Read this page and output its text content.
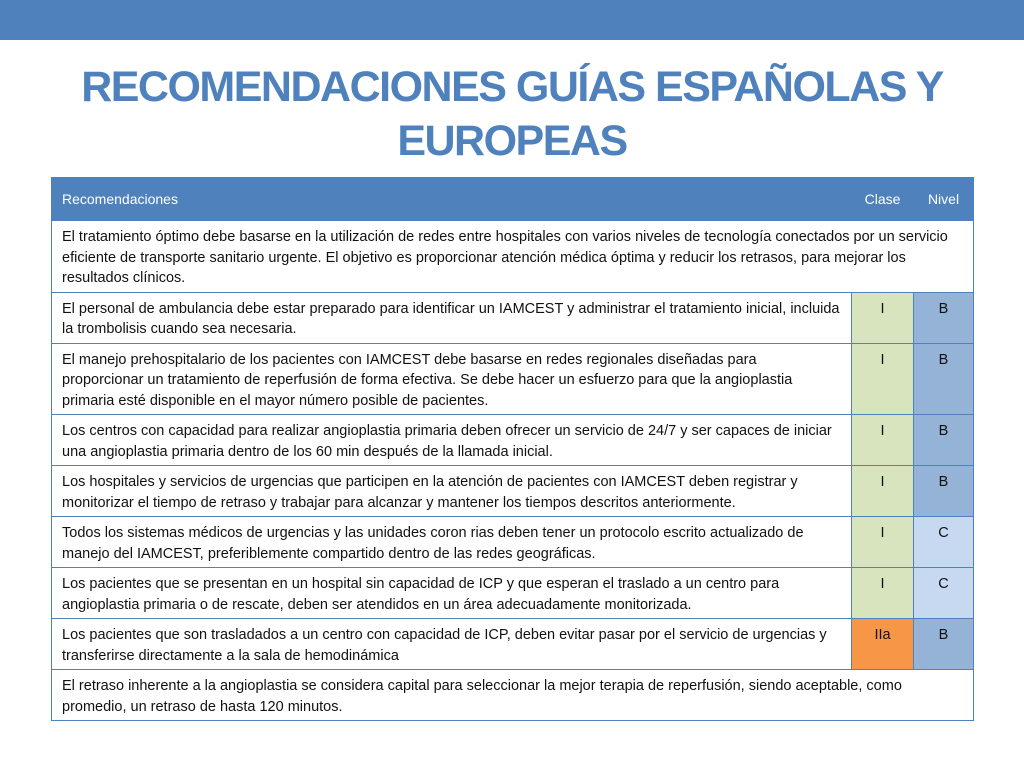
RECOMENDACIONES GUÍAS ESPAÑOLAS Y EUROPEAS
Recomendaciones	Clase	Nivel
El tratamiento óptimo debe basarse en la utilización de redes entre hospitales con varios niveles de tecnología conectados por un servicio eficiente de transporte sanitario urgente. El objetivo es proporcionar atención médica óptima y reducir los retrasos, para mejorar los resultados clínicos.		
El personal de ambulancia debe estar preparado para identificar un IAMCEST y administrar el tratamiento inicial, incluida la trombolisis cuando sea necesaria.	I	B
El manejo prehospitalario de los pacientes con IAMCEST debe basarse en redes regionales diseñadas para proporcionar un tratamiento de reperfusión de forma efectiva. Se debe hacer un esfuerzo para que la angioplastia primaria esté disponible en el mayor número posible de pacientes.	I	B
Los centros con capacidad para realizar angioplastia primaria deben ofrecer un servicio de 24/7 y ser capaces de iniciar una angioplastia primaria dentro de los 60 min después de la llamada inicial.	I	B
Los hospitales y servicios de urgencias que participen en la atención de pacientes con IAMCEST deben registrar y monitorizar el tiempo de retraso y trabajar para alcanzar y mantener los tiempos descritos anteriormente.	I	B
Todos los sistemas médicos de urgencias y las unidades coron rias deben tener un protocolo escrito actualizado de manejo del IAMCEST, preferiblemente compartido dentro de las redes geográficas.	I	C
Los pacientes que se presentan en un hospital sin capacidad de ICP y que esperan el traslado a un centro para angioplastia primaria o de rescate, deben ser atendidos en un área adecuadamente monitorizada.	I	C
Los pacientes que son trasladados a un centro con capacidad de ICP, deben evitar pasar por el servicio de urgencias y transferirse directamente a la sala de hemodinámica	IIa	B
El retraso inherente a la angioplastia se considera capital para seleccionar la mejor terapia de reperfusión, siendo aceptable, como promedio, un retraso de hasta 120 minutos.		
